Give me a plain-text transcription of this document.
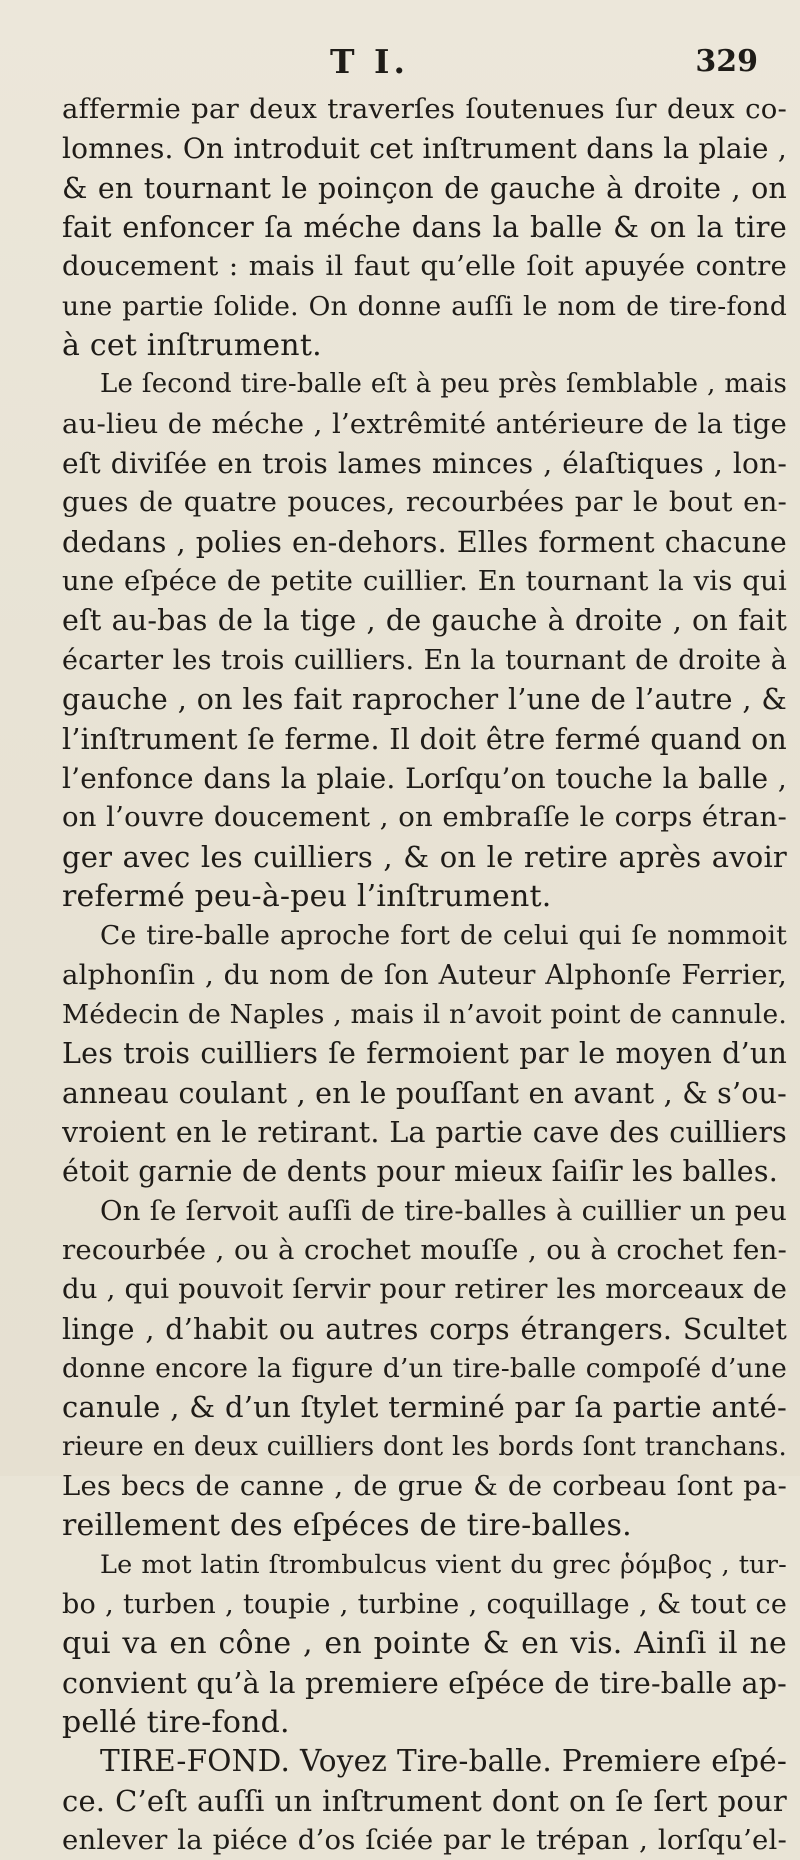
T I.	329
affermie par deux traverſes ſoutenues ſur deux co-
lomnes. On introduit cet inſtrument dans la plaie ,
& en tournant le poinçon de gauche à droite , on
fait enfoncer ſa méche dans la balle & on la tire
doucement : mais il faut qu’elle ſoit apuyée contre
une partie ſolide. On donne auſſi le nom de tire-fond
à cet inſtrument.
Le ſecond tire-balle eſt à peu près ſemblable , mais
au-lieu de méche , l’extrêmité antérieure de la tige
eſt diviſée en trois lames minces , élaſtiques , lon-
gues de quatre pouces, recourbées par le bout en-
dedans , polies en-dehors. Elles forment chacune
une eſpéce de petite cuillier. En tournant la vis qui
eſt au-bas de la tige , de gauche à droite , on fait
écarter les trois cuilliers. En la tournant de droite à
gauche , on les fait raprocher l’une de l’autre , &
l’inſtrument ſe ferme. Il doit être fermé quand on
l’enfonce dans la plaie. Lorſqu’on touche la balle ,
on l’ouvre doucement , on embraſſe le corps étran-
ger avec les cuilliers , & on le retire après avoir
refermé peu-à-peu l’inſtrument.
Ce tire-balle aproche fort de celui qui ſe nommoit
alphonſin , du nom de ſon Auteur Alphonſe Ferrier,
Médecin de Naples , mais il n’avoit point de cannule.
Les trois cuilliers ſe fermoient par le moyen d’un
anneau coulant , en le pouſſant en avant , & s’ou-
vroient en le retirant. La partie cave des cuilliers
étoit garnie de dents pour mieux ſaiſir les balles.
On ſe ſervoit auſſi de tire-balles à cuillier un peu
recourbée , ou à crochet mouſſe , ou à crochet fen-
du , qui pouvoit ſervir pour retirer les morceaux de
linge , d’habit ou autres corps étrangers. Scultet
donne encore la figure d’un tire-balle compoſé d’une
canule , & d’un ſtylet terminé par ſa partie anté-
rieure en deux cuilliers dont les bords ſont tranchans.
Les becs de canne , de grue & de corbeau ſont pa-
reillement des eſpéces de tire-balles.
Le mot latin ſtrombulcus vient du grec ῥόμβος , tur-
bo , turben , toupie , turbine , coquillage , & tout ce
qui va en cône , en pointe & en vis. Ainſi il ne
convient qu’à la premiere eſpéce de tire-balle ap-
pellé tire-fond.
TIRE-FOND. Voyez Tire-balle. Premiere eſpé-
ce. C’eſt auſſi un inſtrument dont on ſe ſert pour
enlever la piéce d’os ſciée par le trépan , lorſqu’el-
